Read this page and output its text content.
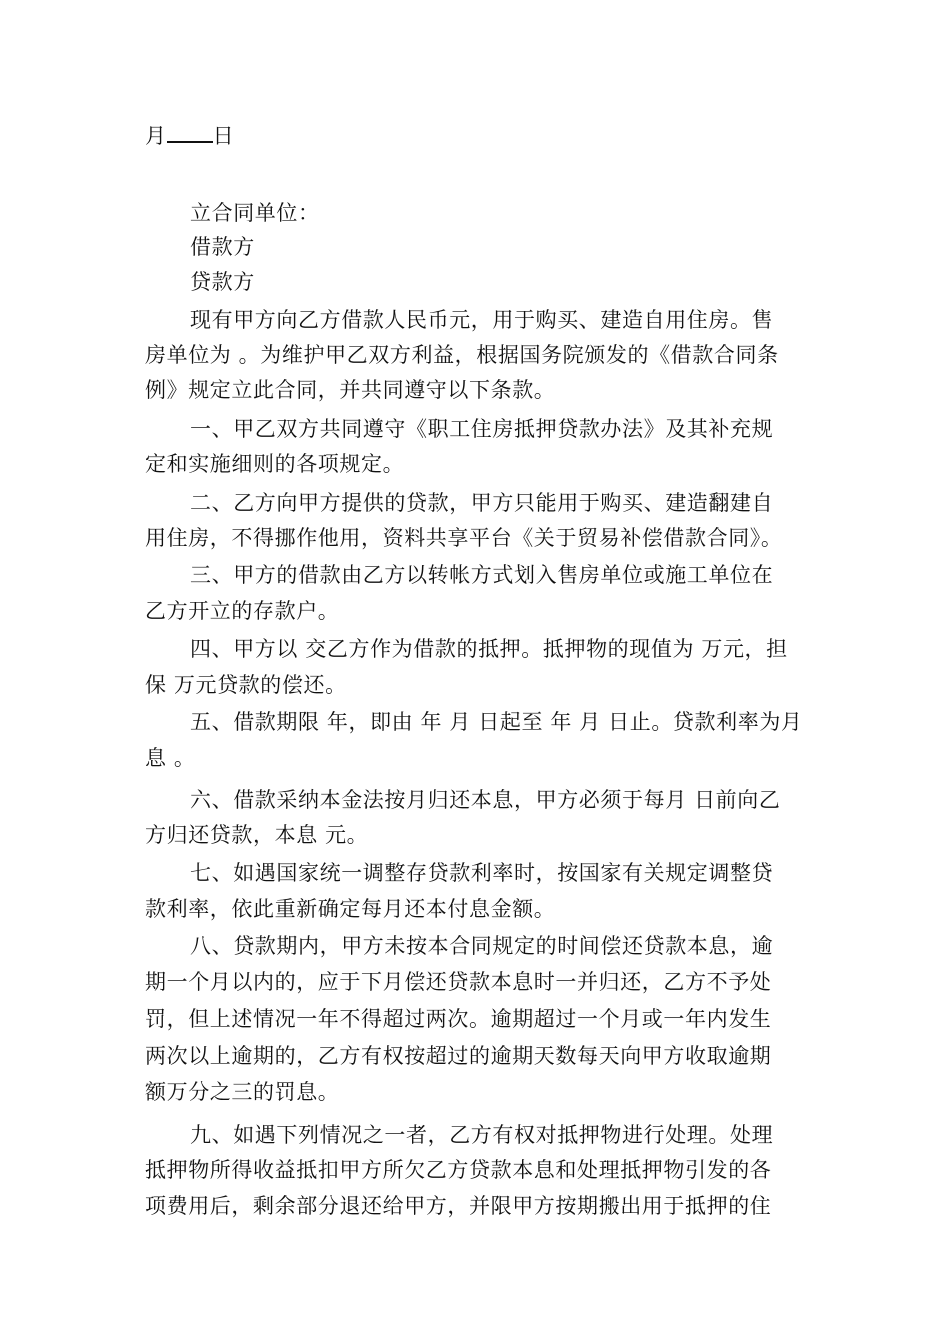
月 日
立合同单位：
借款方
贷款方
现有甲方向乙方借款人民币元，用于购买、建造自用住房。售
房单位为 。为维护甲乙双方利益，根据国务院颁发的《借款合同条
例》规定立此合同，并共同遵守以下条款。
一、甲乙双方共同遵守《职工住房抵押贷款办法》及其补充规
定和实施细则的各项规定。
二、乙方向甲方提供的贷款，甲方只能用于购买、建造翻建自
用住房，不得挪作他用，资料共享平台《关于贸易补偿借款合同》。
三、甲方的借款由乙方以转帐方式划入售房单位或施工单位在
乙方开立的存款户。
四、甲方以 交乙方作为借款的抵押。抵押物的现值为 万元，担
保 万元贷款的偿还。
五、借款期限 年，即由 年 月 日起至 年 月 日止。贷款利率为月
息 。
六、借款采纳本金法按月归还本息，甲方必须于每月 日前向乙
方归还贷款，本息 元。
七、如遇国家统一调整存贷款利率时，按国家有关规定调整贷
款利率，依此重新确定每月还本付息金额。
八、贷款期内，甲方未按本合同规定的时间偿还贷款本息，逾
期一个月以内的，应于下月偿还贷款本息时一并归还，乙方不予处
罚，但上述情况一年不得超过两次。逾期超过一个月或一年内发生
两次以上逾期的，乙方有权按超过的逾期天数每天向甲方收取逾期
额万分之三的罚息。
九、如遇下列情况之一者，乙方有权对抵押物进行处理。处理
抵押物所得收益抵扣甲方所欠乙方贷款本息和处理抵押物引发的各
项费用后，剩余部分退还给甲方，并限甲方按期搬出用于抵押的住
